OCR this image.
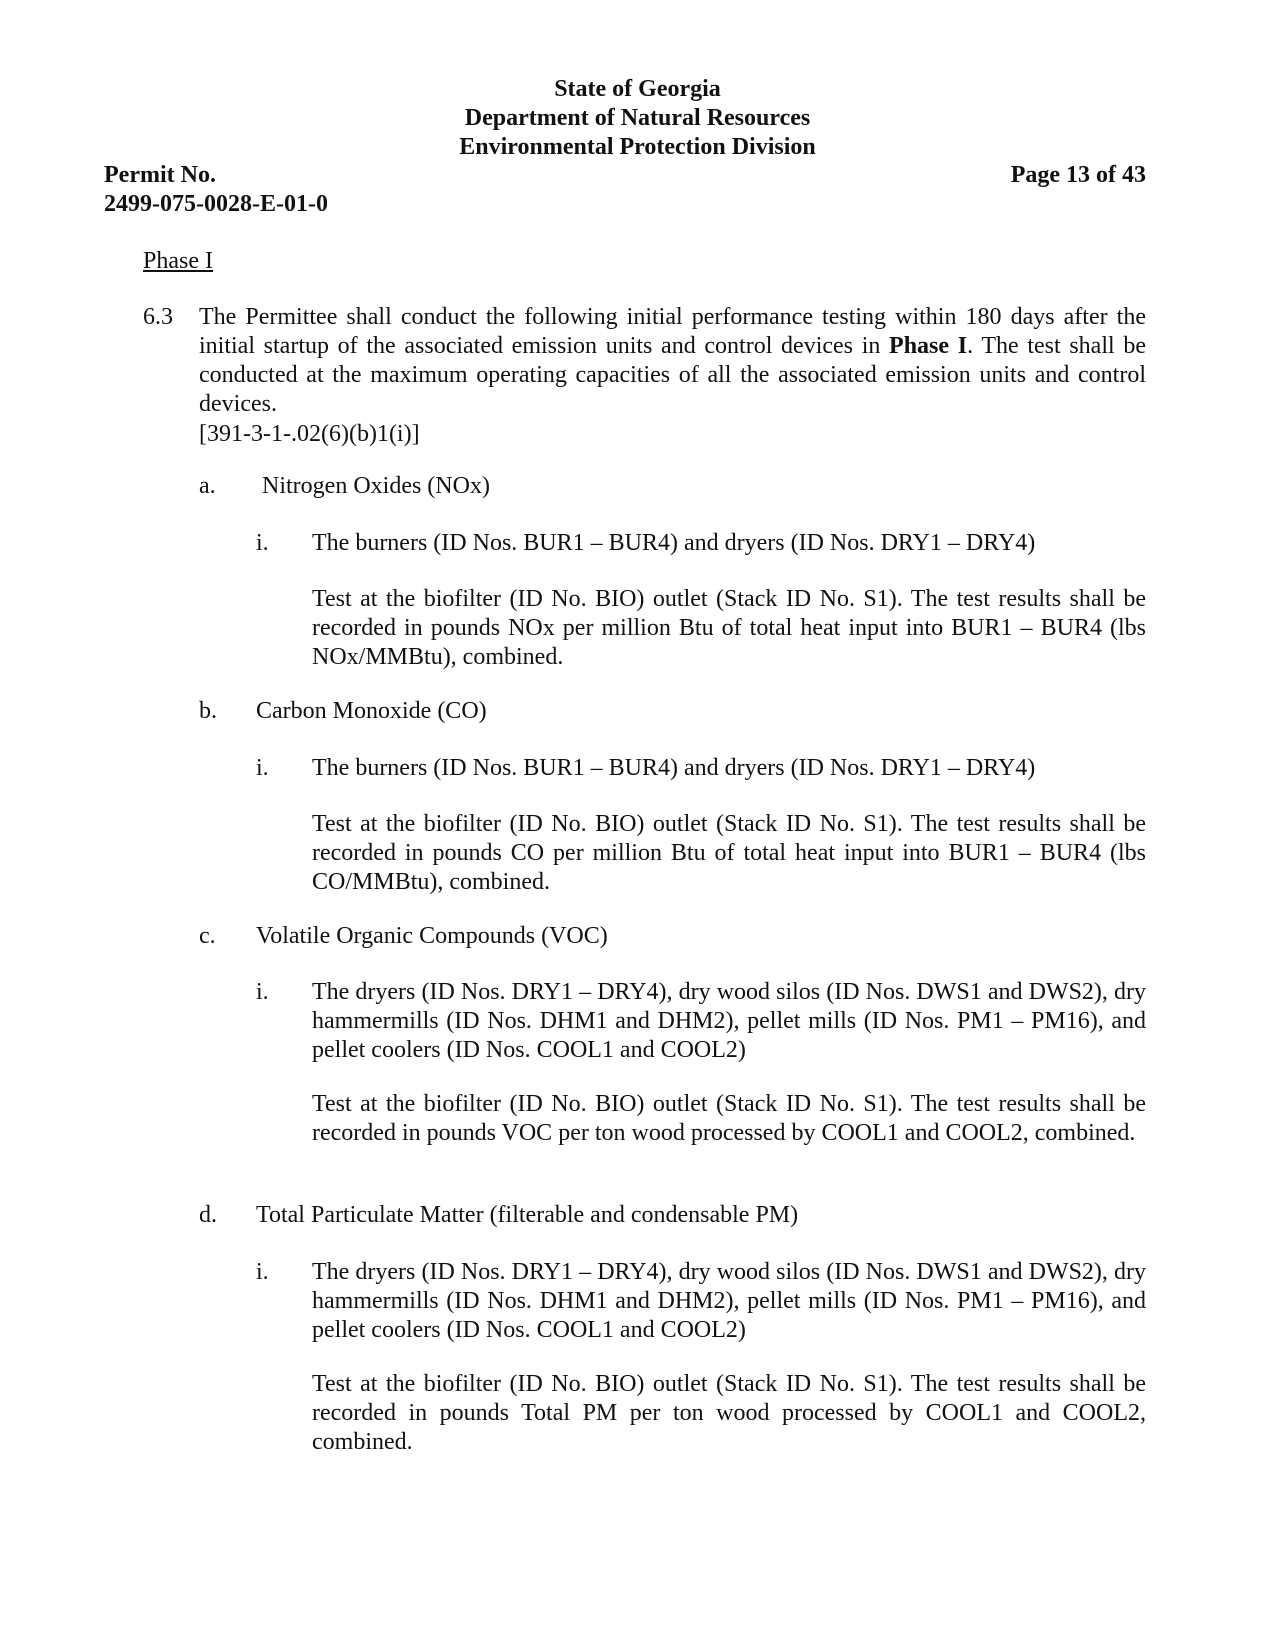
State of Georgia
Department of Natural Resources
Environmental Protection Division
Permit No.
2499-075-0028-E-01-0
Page 13 of 43
Phase I
6.3 The Permittee shall conduct the following initial performance testing within 180 days after the initial startup of the associated emission units and control devices in Phase I. The test shall be conducted at the maximum operating capacities of all the associated emission units and control devices.
[391-3-1-.02(6)(b)1(i)]
a. Nitrogen Oxides (NOx)
i. The burners (ID Nos. BUR1 – BUR4) and dryers (ID Nos. DRY1 – DRY4)
Test at the biofilter (ID No. BIO) outlet (Stack ID No. S1). The test results shall be recorded in pounds NOx per million Btu of total heat input into BUR1 – BUR4 (lbs NOx/MMBtu), combined.
b. Carbon Monoxide (CO)
i. The burners (ID Nos. BUR1 – BUR4) and dryers (ID Nos. DRY1 – DRY4)
Test at the biofilter (ID No. BIO) outlet (Stack ID No. S1). The test results shall be recorded in pounds CO per million Btu of total heat input into BUR1 – BUR4 (lbs CO/MMBtu), combined.
c. Volatile Organic Compounds (VOC)
i. The dryers (ID Nos. DRY1 – DRY4), dry wood silos (ID Nos. DWS1 and DWS2), dry hammermills (ID Nos. DHM1 and DHM2), pellet mills (ID Nos. PM1 – PM16), and pellet coolers (ID Nos. COOL1 and COOL2)
Test at the biofilter (ID No. BIO) outlet (Stack ID No. S1). The test results shall be recorded in pounds VOC per ton wood processed by COOL1 and COOL2, combined.
d. Total Particulate Matter (filterable and condensable PM)
i. The dryers (ID Nos. DRY1 – DRY4), dry wood silos (ID Nos. DWS1 and DWS2), dry hammermills (ID Nos. DHM1 and DHM2), pellet mills (ID Nos. PM1 – PM16), and pellet coolers (ID Nos. COOL1 and COOL2)
Test at the biofilter (ID No. BIO) outlet (Stack ID No. S1). The test results shall be recorded in pounds Total PM per ton wood processed by COOL1 and COOL2, combined.
